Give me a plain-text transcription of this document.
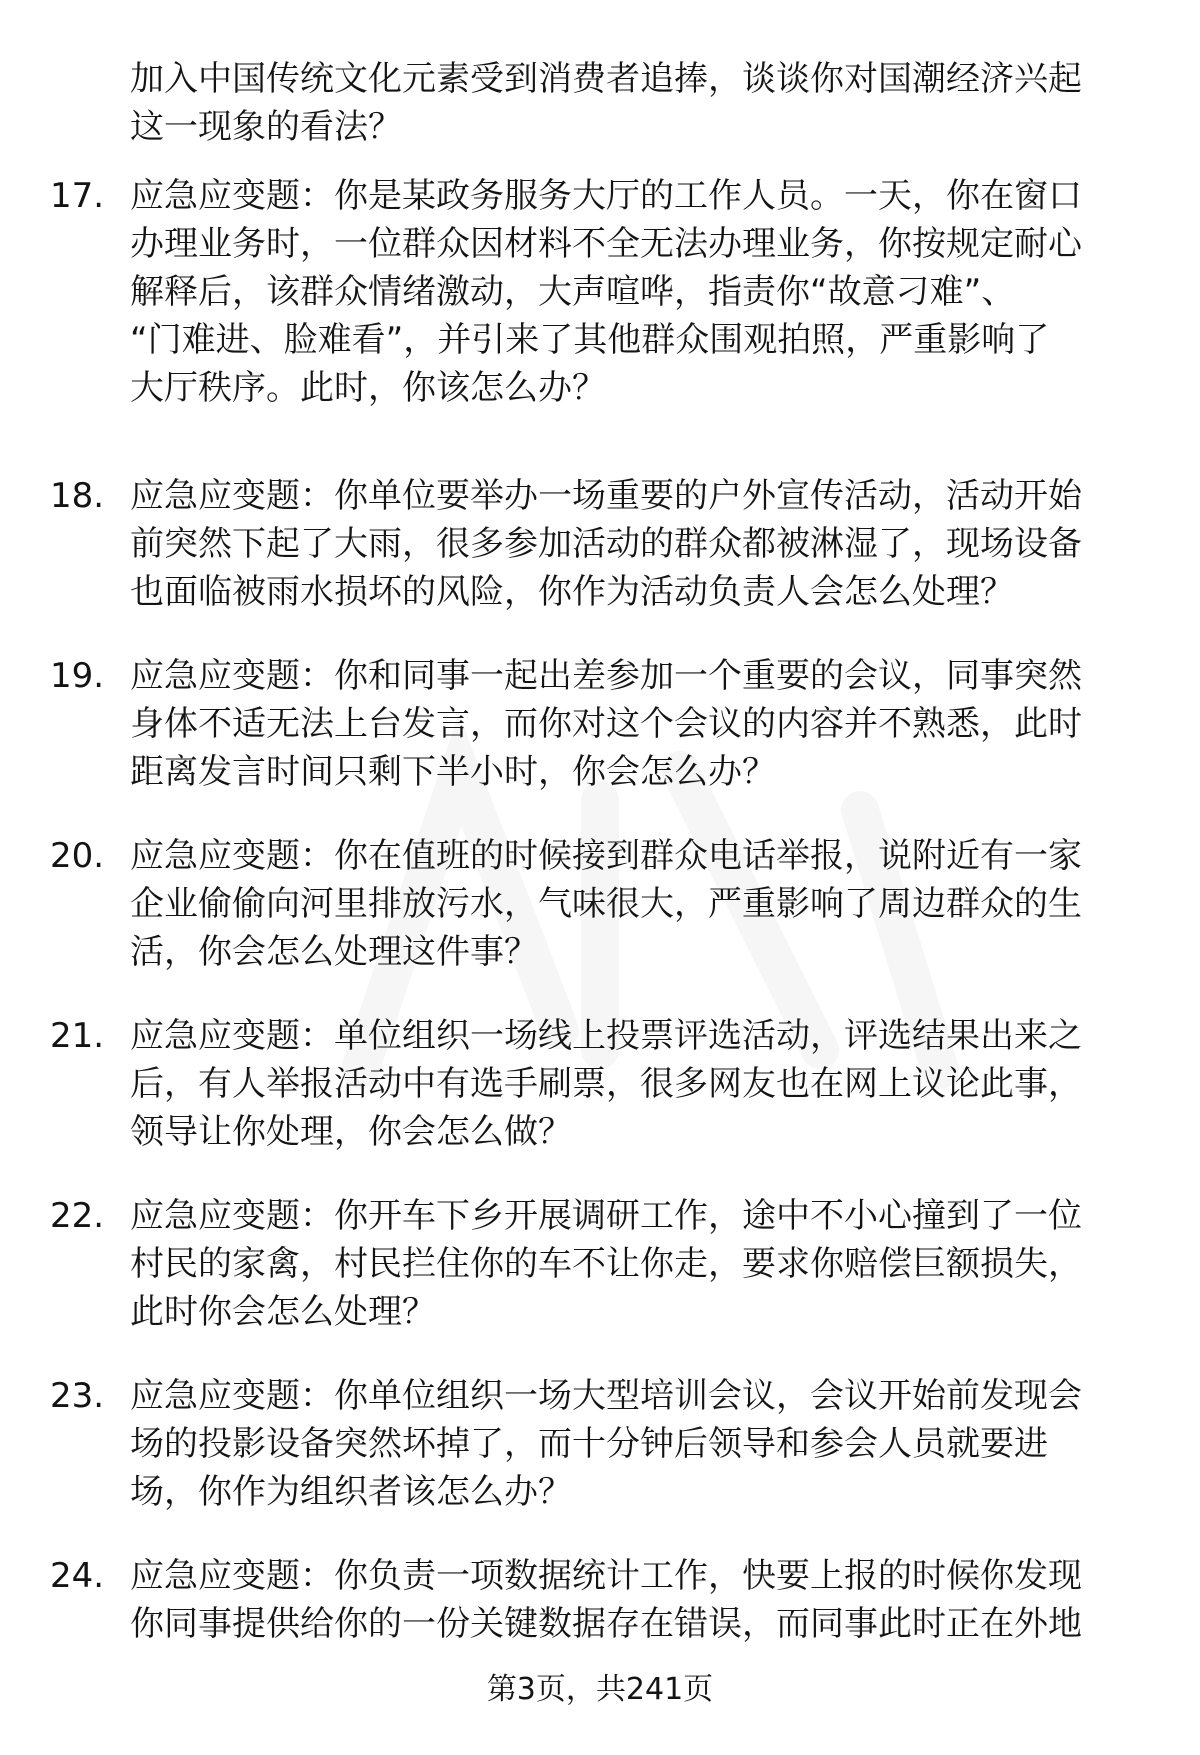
加入中国传统文化元素受到消费者追捧，谈谈你对国潮经济兴起
这一现象的看法？
17. 应急应变题：你是某政务服务大厅的工作人员。一天，你在窗口
办理业务时，一位群众因材料不全无法办理业务，你按规定耐心
解释后，该群众情绪激动，大声喧哗，指责你“故意刁难”、
“门难进、脸难看”，并引来了其他群众围观拍照，严重影响了
大厅秩序。此时，你该怎么办？
18. 应急应变题：你单位要举办一场重要的户外宣传活动，活动开始
前突然下起了大雨，很多参加活动的群众都被淋湿了，现场设备
也面临被雨水损坏的风险，你作为活动负责人会怎么处理？
19. 应急应变题：你和同事一起出差参加一个重要的会议，同事突然
身体不适无法上台发言，而你对这个会议的内容并不熟悉，此时
距离发言时间只剩下半小时，你会怎么办？
20. 应急应变题：你在值班的时候接到群众电话举报，说附近有一家
企业偷偷向河里排放污水，气味很大，严重影响了周边群众的生
活，你会怎么处理这件事？
21. 应急应变题：单位组织一场线上投票评选活动，评选结果出来之
后，有人举报活动中有选手刷票，很多网友也在网上议论此事，
领导让你处理，你会怎么做？
22. 应急应变题：你开车下乡开展调研工作，途中不小心撞到了一位
村民的家禽，村民拦住你的车不让你走，要求你赔偿巨额损失，
此时你会怎么处理？
23. 应急应变题：你单位组织一场大型培训会议，会议开始前发现会
场的投影设备突然坏掉了，而十分钟后领导和参会人员就要进
场，你作为组织者该怎么办？
24. 应急应变题：你负责一项数据统计工作，快要上报的时候你发现
你同事提供给你的一份关键数据存在错误，而同事此时正在外地
第3页，共241页
